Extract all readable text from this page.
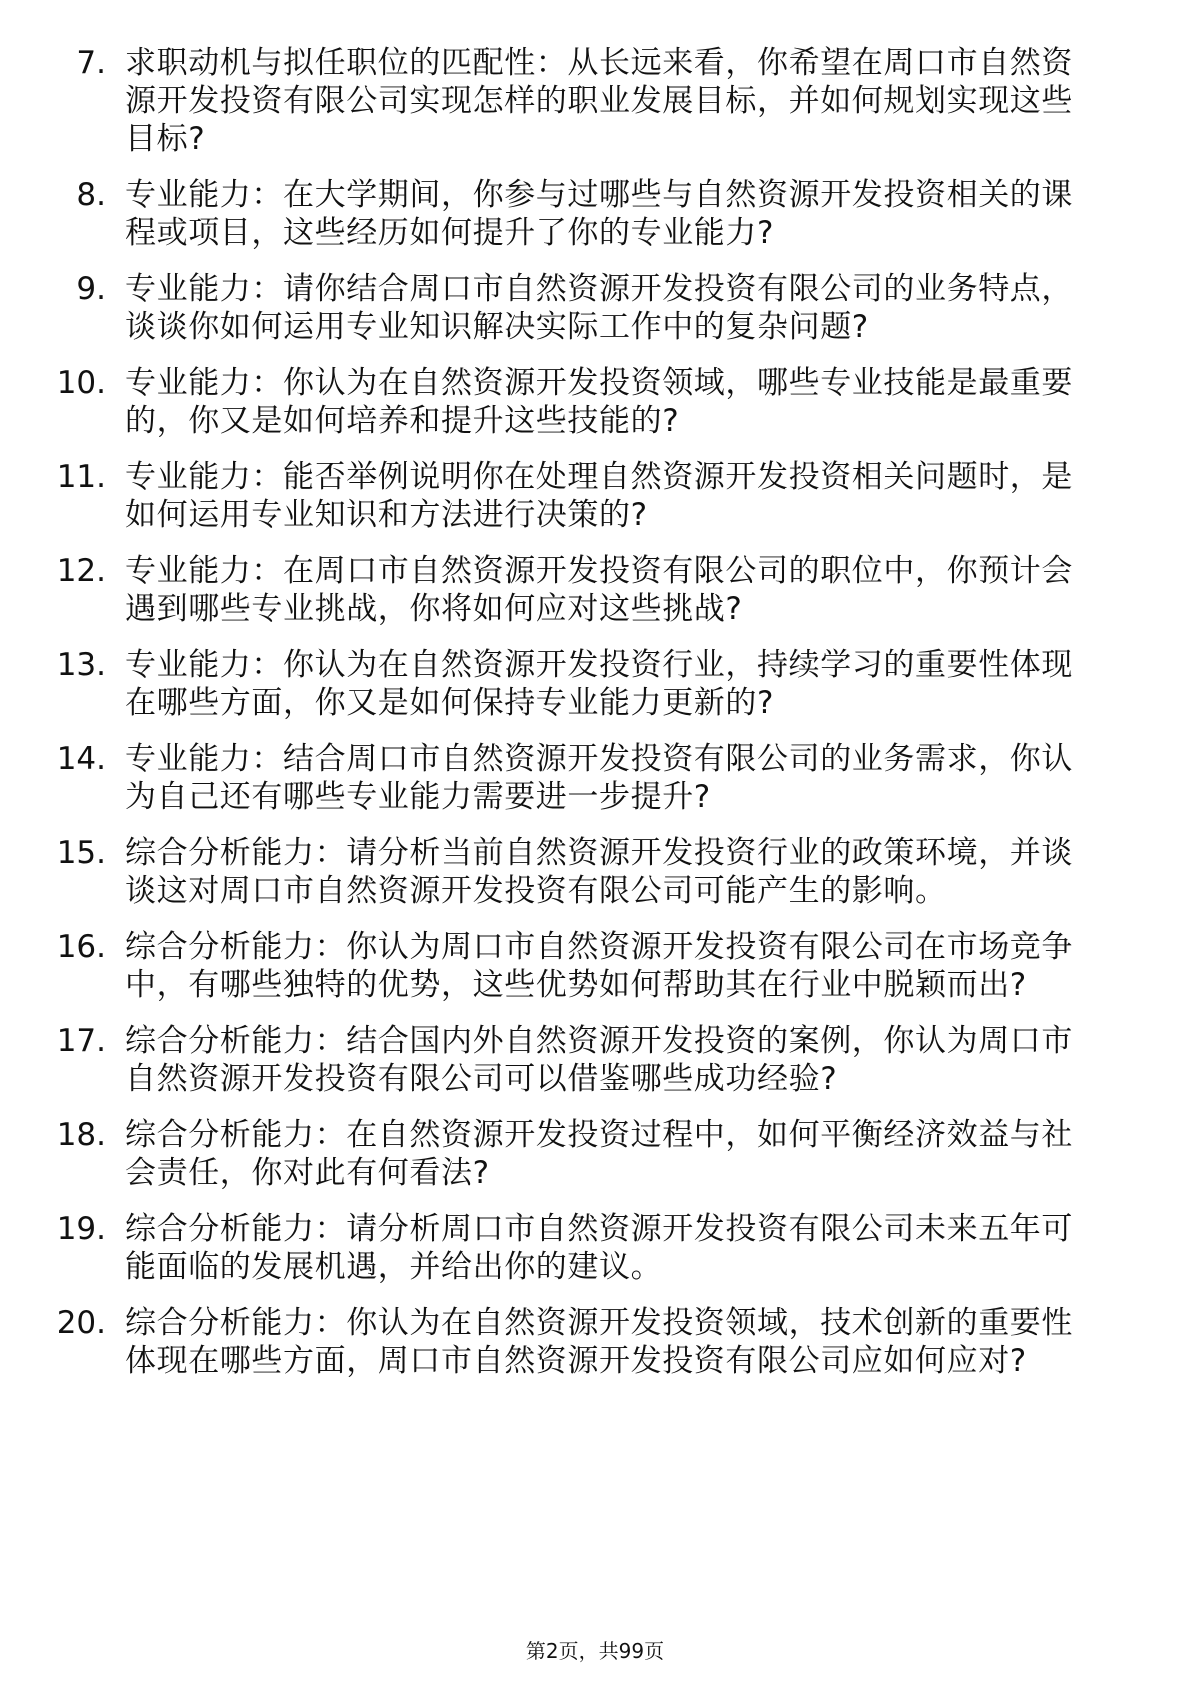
7. 求职动机与拟任职位的匹配性：从长远来看，你希望在周口市自然资源开发投资有限公司实现怎样的职业发展目标，并如何规划实现这些目标?
8. 专业能力：在大学期间，你参与过哪些与自然资源开发投资相关的课程或项目，这些经历如何提升了你的专业能力?
9. 专业能力：请你结合周口市自然资源开发投资有限公司的业务特点，谈谈你如何运用专业知识解决实际工作中的复杂问题?
10. 专业能力：你认为在自然资源开发投资领域，哪些专业技能是最重要的，你又是如何培养和提升这些技能的?
11. 专业能力：能否举例说明你在处理自然资源开发投资相关问题时，是如何运用专业知识和方法进行决策的?
12. 专业能力：在周口市自然资源开发投资有限公司的职位中，你预计会遇到哪些专业挑战，你将如何应对这些挑战?
13. 专业能力：你认为在自然资源开发投资行业，持续学习的重要性体现在哪些方面，你又是如何保持专业能力更新的?
14. 专业能力：结合周口市自然资源开发投资有限公司的业务需求，你认为自己还有哪些专业能力需要进一步提升?
15. 综合分析能力：请分析当前自然资源开发投资行业的政策环境，并谈谈这对周口市自然资源开发投资有限公司可能产生的影响。
16. 综合分析能力：你认为周口市自然资源开发投资有限公司在市场竞争中，有哪些独特的优势，这些优势如何帮助其在行业中脱颖而出?
17. 综合分析能力：结合国内外自然资源开发投资的案例，你认为周口市自然资源开发投资有限公司可以借鉴哪些成功经验?
18. 综合分析能力：在自然资源开发投资过程中，如何平衡经济效益与社会责任，你对此有何看法?
19. 综合分析能力：请分析周口市自然资源开发投资有限公司未来五年可能面临的发展机遇，并给出你的建议。
20. 综合分析能力：你认为在自然资源开发投资领域，技术创新的重要性体现在哪些方面，周口市自然资源开发投资有限公司应如何应对?
第2页，共99页
